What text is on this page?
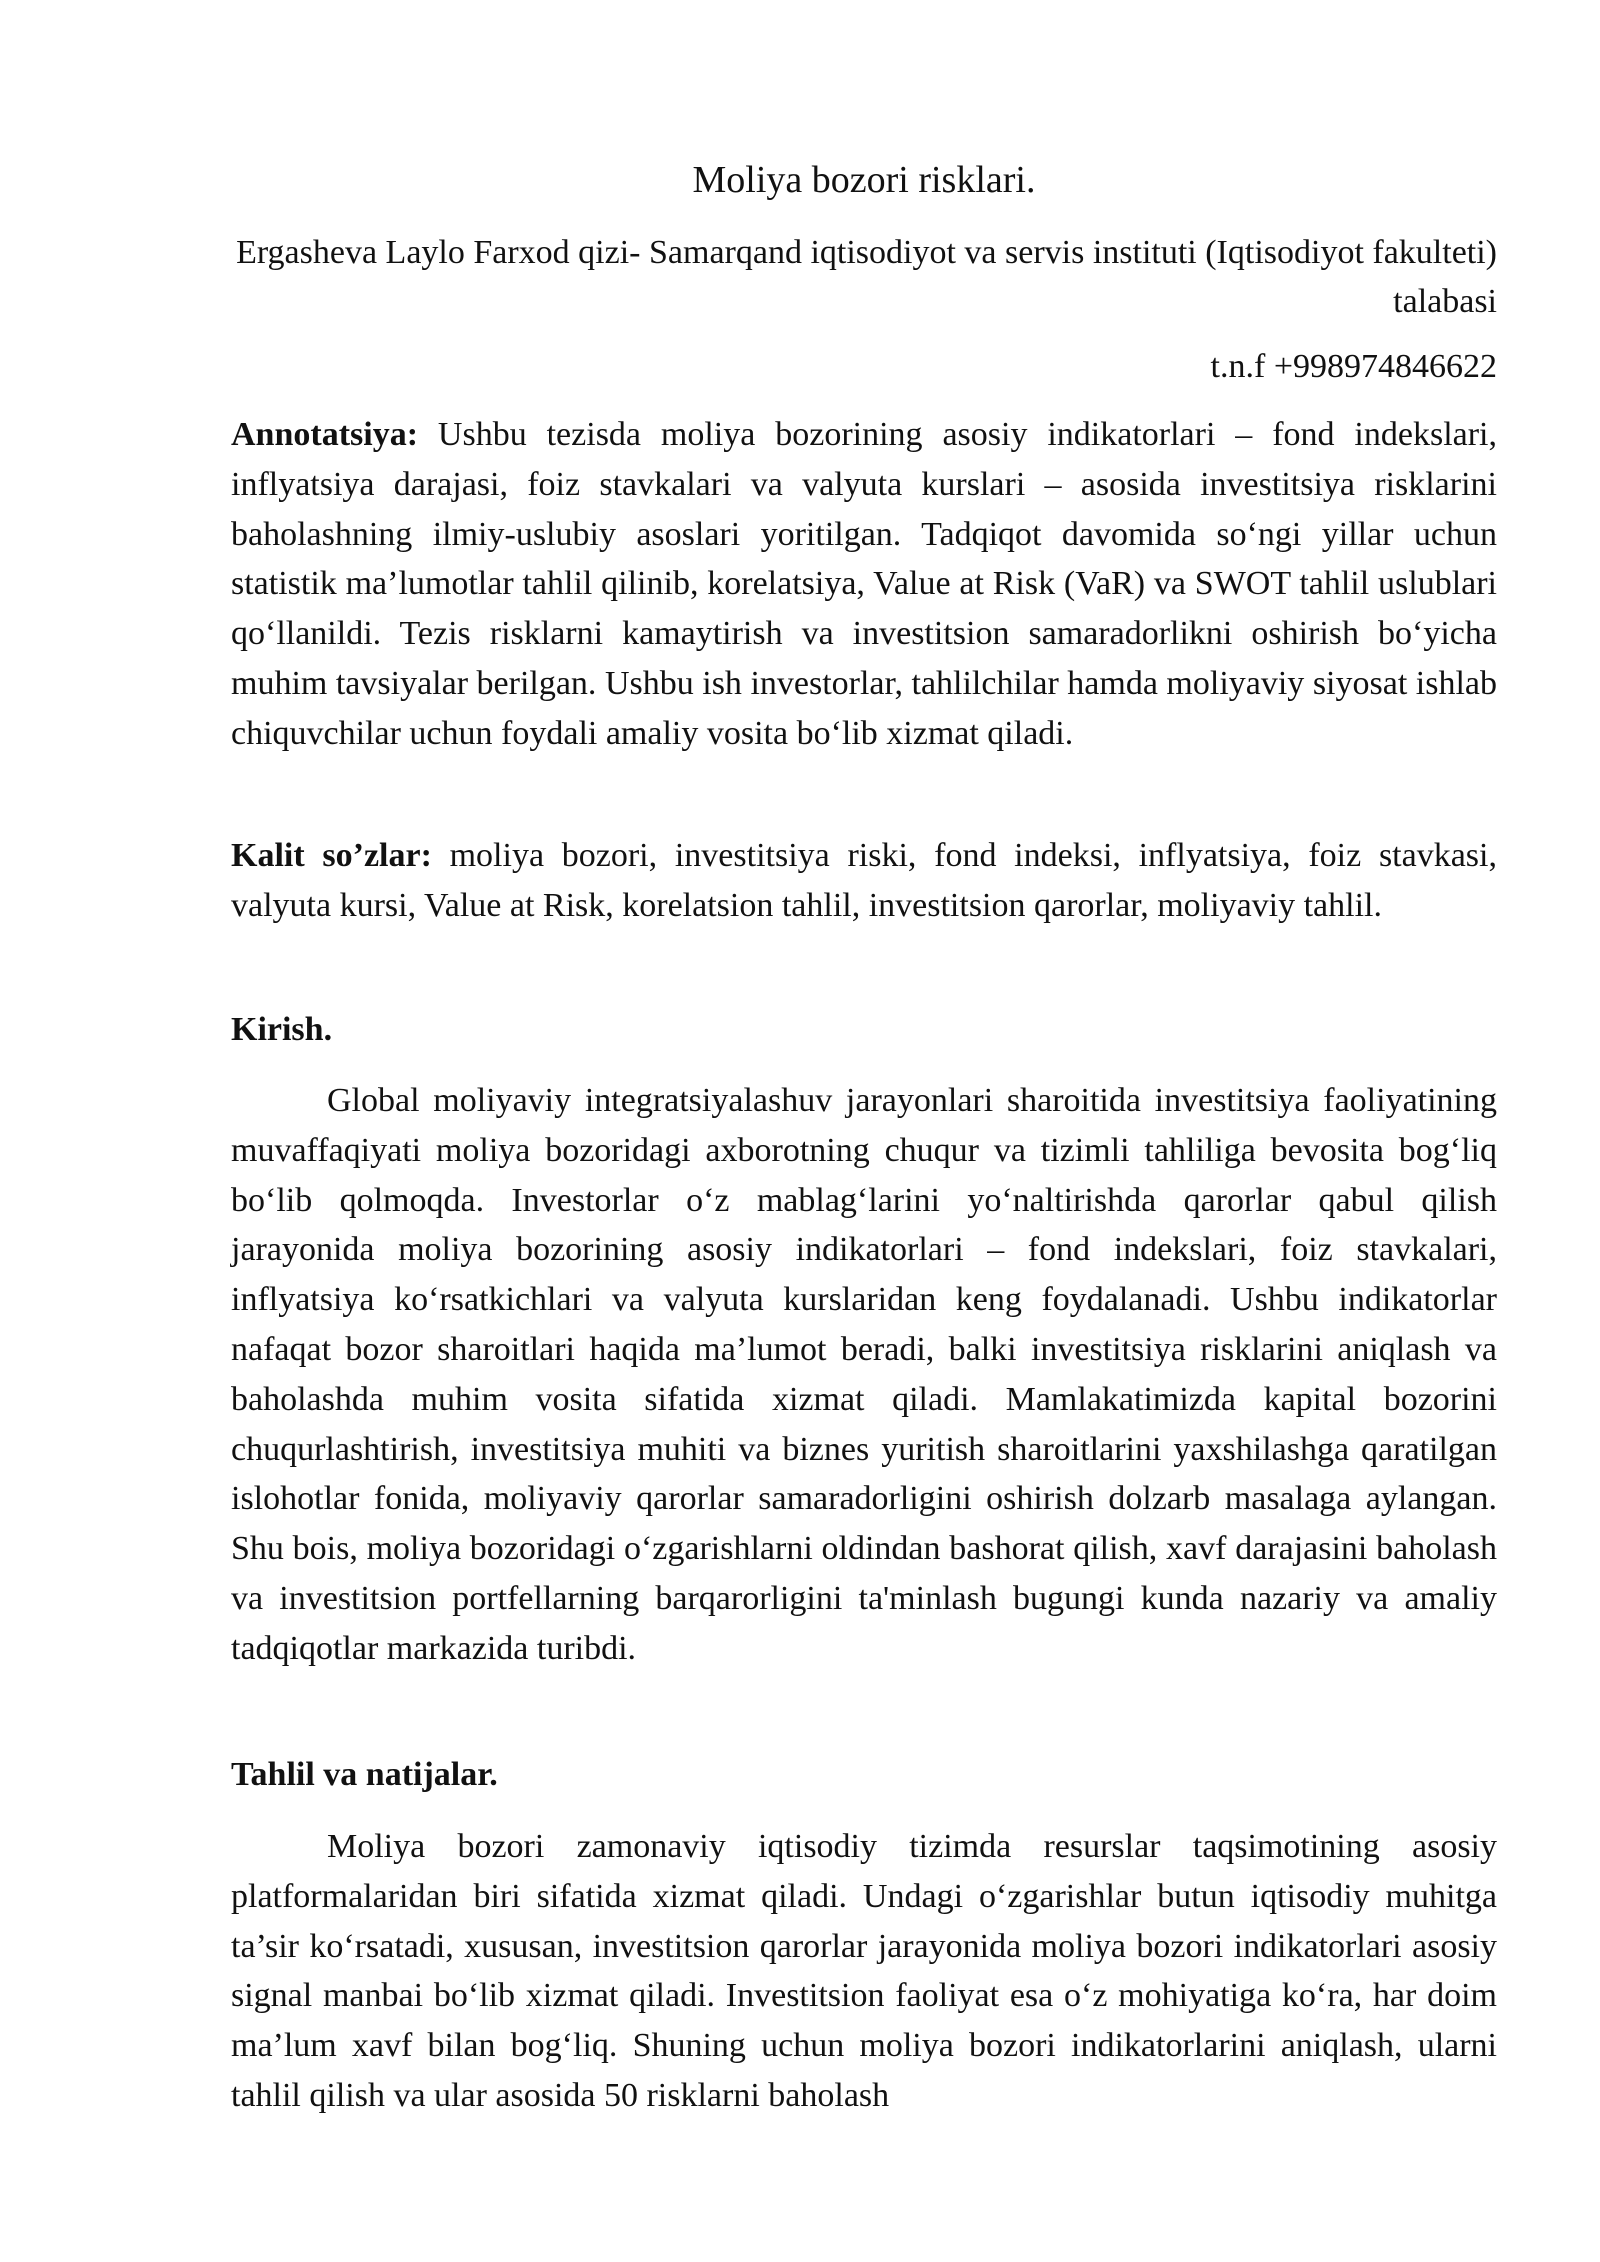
Moliya bozori risklari.
Ergasheva Laylo Farxod qizi- Samarqand iqtisodiyot va servis instituti (Iqtisodiyot fakulteti) talabasi
t.n.f +998974846622
Annotatsiya: Ushbu tezisda moliya bozorining asosiy indikatorlari – fond indekslari, inflyatsiya darajasi, foiz stavkalari va valyuta kurslari – asosida investitsiya risklarini baholashning ilmiy-uslubiy asoslari yoritilgan. Tadqiqot davomida so‘ngi yillar uchun statistik ma’lumotlar tahlil qilinib, korelatsiya, Value at Risk (VaR) va SWOT tahlil uslublari qo‘llanildi. Tezis risklarni kamaytirish va investitsion samaradorlikni oshirish bo‘yicha muhim tavsiyalar berilgan. Ushbu ish investorlar, tahlilchilar hamda moliyaviy siyosat ishlab chiquvchilar uchun foydali amaliy vosita bo‘lib xizmat qiladi.
Kalit so’zlar: moliya bozori, investitsiya riski, fond indeksi, inflyatsiya, foiz stavkasi, valyuta kursi, Value at Risk, korelatsion tahlil, investitsion qarorlar, moliyaviy tahlil.
Kirish.
Global moliyaviy integratsiyalashuv jarayonlari sharoitida investitsiya faoliyatining muvaffaqiyati moliya bozoridagi axborotning chuqur va tizimli tahliliga bevosita bog‘liq bo‘lib qolmoqda. Investorlar o‘z mablag‘larini yo‘naltirishda qarorlar qabul qilish jarayonida moliya bozorining asosiy indikatorlari – fond indekslari, foiz stavkalari, inflyatsiya ko‘rsatkichlari va valyuta kurslaridan keng foydalanadi. Ushbu indikatorlar nafaqat bozor sharoitlari haqida ma’lumot beradi, balki investitsiya risklarini aniqlash va baholashda muhim vosita sifatida xizmat qiladi. Mamlakatimizda kapital bozorini chuqurlashtirish, investitsiya muhiti va biznes yuritish sharoitlarini yaxshilashga qaratilgan islohotlar fonida, moliyaviy qarorlar samaradorligini oshirish dolzarb masalaga aylangan. Shu bois, moliya bozoridagi o‘zgarishlarni oldindan bashorat qilish, xavf darajasini baholash va investitsion portfellarning barqarorligini ta'minlash bugungi kunda nazariy va amaliy tadqiqotlar markazida turibdi.
Tahlil va natijalar.
Moliya bozori zamonaviy iqtisodiy tizimda resurslar taqsimotining asosiy platformalaridan biri sifatida xizmat qiladi. Undagi o‘zgarishlar butun iqtisodiy muhitga ta’sir ko‘rsatadi, xususan, investitsion qarorlar jarayonida moliya bozori indikatorlari asosiy signal manbai bo‘lib xizmat qiladi. Investitsion faoliyat esa o‘z mohiyatiga ko‘ra, har doim ma’lum xavf bilan bog‘liq. Shuning uchun moliya bozori indikatorlarini aniqlash, ularni tahlil qilish va ular asosida 50 risklarni baholash
